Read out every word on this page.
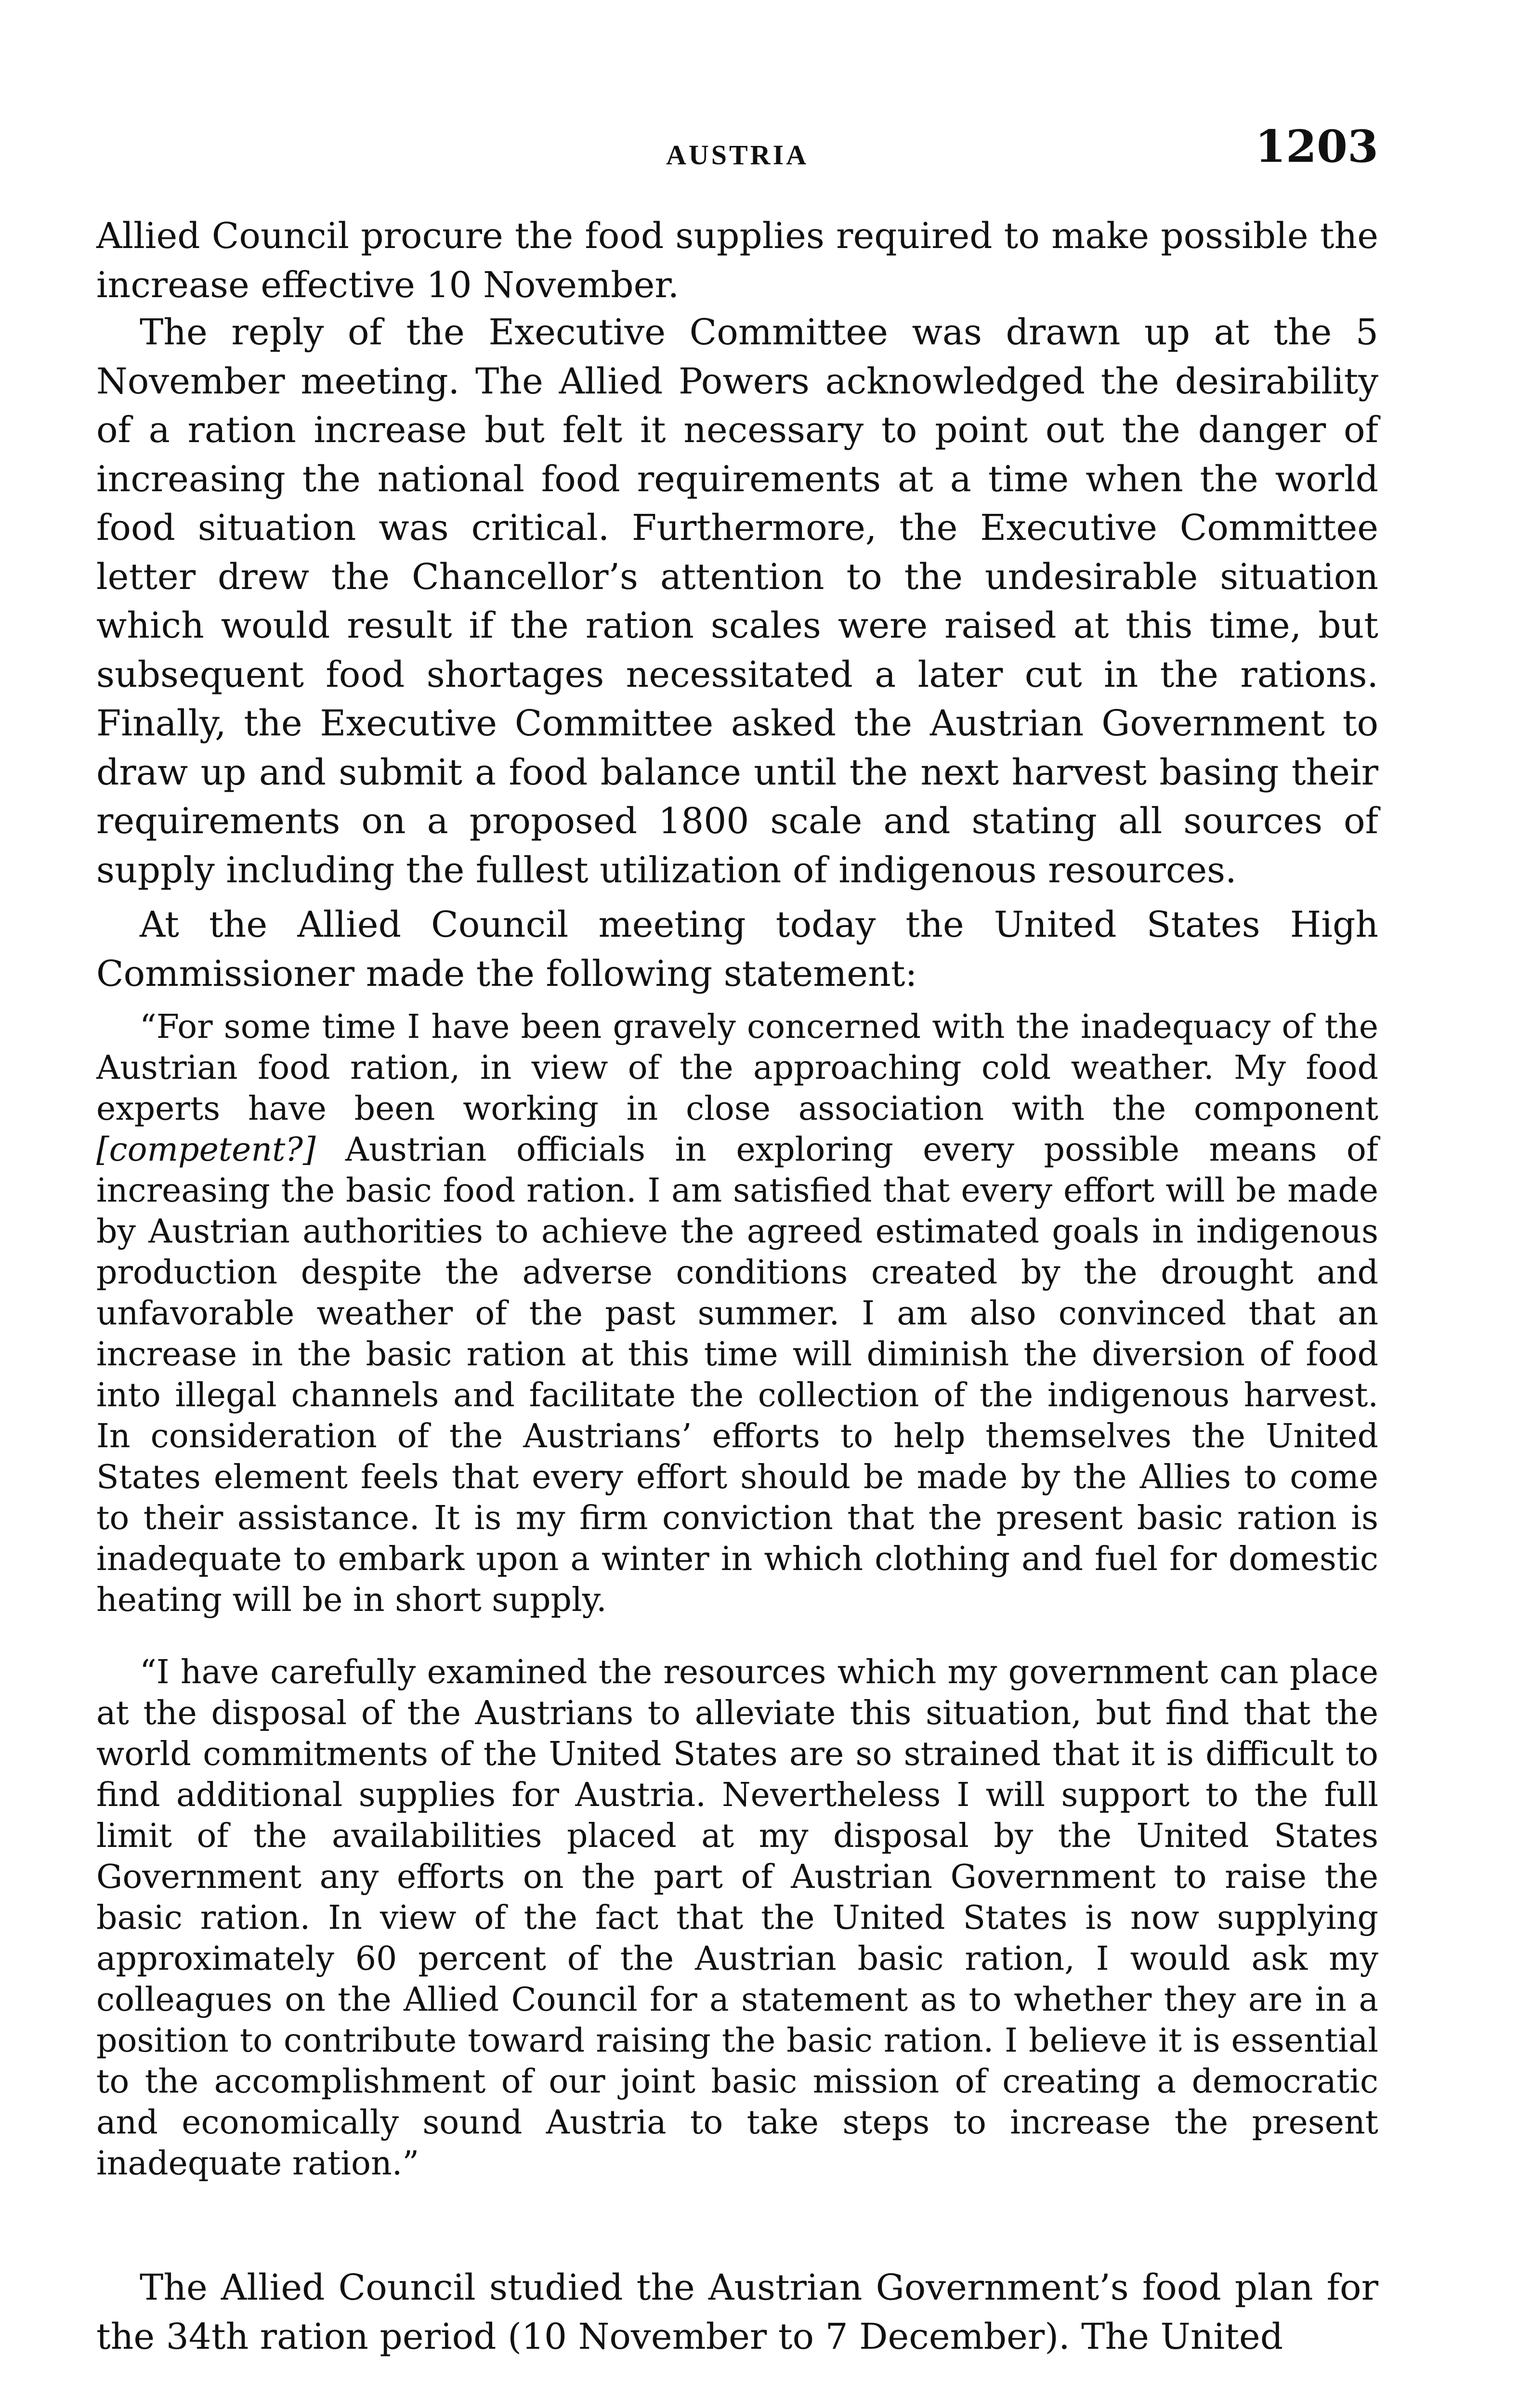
AUSTRIA	1203

Allied Council procure the food supplies required to make possible the increase effective 10 November.

The reply of the Executive Committee was drawn up at the 5 November meeting. The Allied Powers acknowledged the desirability of a ration increase but felt it necessary to point out the danger of increasing the national food requirements at a time when the world food situation was critical. Furthermore, the Executive Committee letter drew the Chancellor’s attention to the undesirable situation which would result if the ration scales were raised at this time, but subsequent food shortages necessitated a later cut in the rations. Finally, the Executive Committee asked the Austrian Government to draw up and submit a food balance until the next harvest basing their requirements on a proposed 1800 scale and stating all sources of supply including the fullest utilization of indigenous resources.

At the Allied Council meeting today the United States High Commissioner made the following statement:

“For some time I have been gravely concerned with the inadequacy of the Austrian food ration, in view of the approaching cold weather. My food experts have been working in close association with the component [competent?] Austrian officials in exploring every possible means of increasing the basic food ration. I am satisfied that every effort will be made by Austrian authorities to achieve the agreed estimated goals in indigenous production despite the adverse conditions created by the drought and unfavorable weather of the past summer. I am also convinced that an increase in the basic ration at this time will diminish the diversion of food into illegal channels and facilitate the collection of the indigenous harvest. In consideration of the Austrians’ efforts to help themselves the United States element feels that every effort should be made by the Allies to come to their assistance. It is my firm conviction that the present basic ration is inadequate to embark upon a winter in which clothing and fuel for domestic heating will be in short supply.

“I have carefully examined the resources which my government can place at the disposal of the Austrians to alleviate this situation, but find that the world commitments of the United States are so strained that it is difficult to find additional supplies for Austria. Nevertheless I will support to the full limit of the availabilities placed at my disposal by the United States Government any efforts on the part of Austrian Government to raise the basic ration. In view of the fact that the United States is now supplying approximately 60 percent of the Austrian basic ration, I would ask my colleagues on the Allied Council for a statement as to whether they are in a position to contribute toward raising the basic ration. I believe it is essential to the accomplishment of our joint basic mission of creating a democratic and economically sound Austria to take steps to increase the present inadequate ration.”

The Allied Council studied the Austrian Government’s food plan for the 34th ration period (10 November to 7 December). The United
